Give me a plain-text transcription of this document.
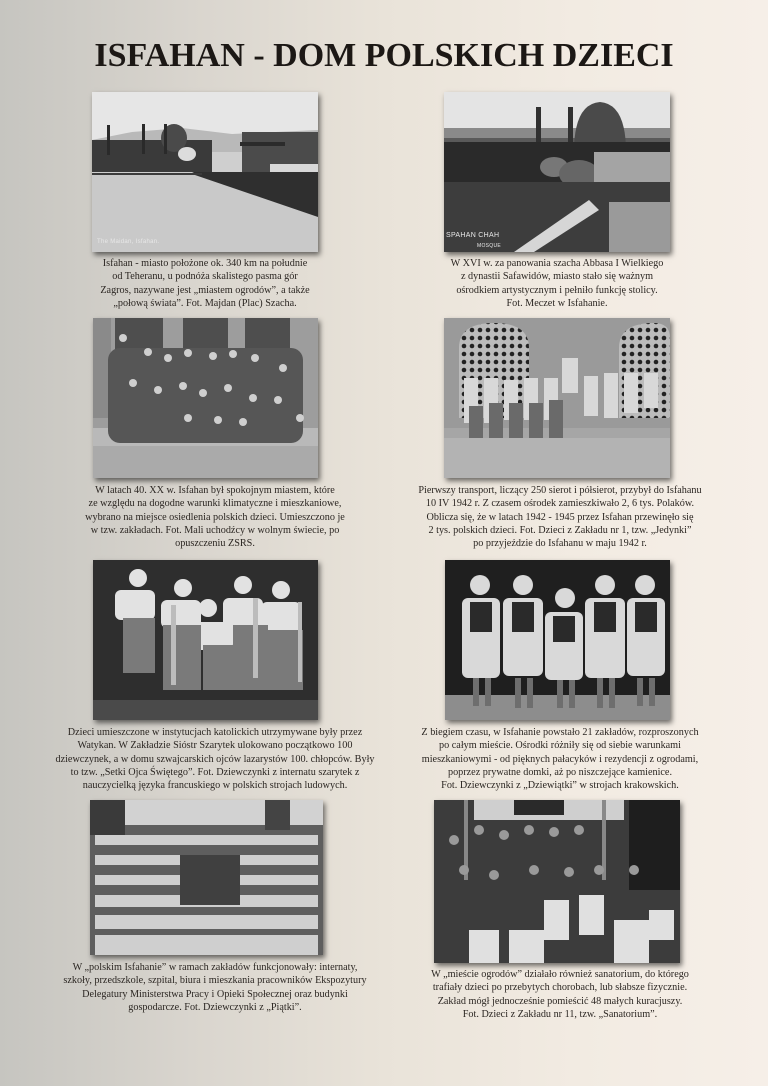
ISFAHAN - DOM POLSKICH DZIECI
The Maidan, Isfahan.
Isfahan - miasto położone ok. 340 km na południe
od Teheranu, u podnóża skalistego pasma gór
Zagros, nazywane jest „miastem ogrodów”, a także
„połową świata”. Fot. Majdan (Plac) Szacha.
SPAHAN CHAH
MOSQUE
W XVI w. za panowania szacha Abbasa I Wielkiego
z dynastii Safawidów, miasto stało się ważnym
ośrodkiem artystycznym i pełniło funkcję stolicy.
Fot. Meczet w Isfahanie.
W latach 40. XX w. Isfahan był spokojnym miastem, które
ze względu na dogodne warunki klimatyczne i mieszkaniowe,
wybrano na miejsce osiedlenia polskich dzieci. Umieszczono je
w tzw. zakładach. Fot. Mali uchodźcy w wolnym świecie, po
opuszczeniu ZSRS.
Pierwszy transport, liczący 250 sierot i półsierot, przybył do Isfahanu
10 IV 1942 r. Z czasem ośrodek zamieszkiwało 2, 6 tys. Polaków.
Oblicza się, że w latach 1942 - 1945 przez Isfahan przewinęło się
2 tys. polskich dzieci. Fot. Dzieci z Zakładu nr 1, tzw. „Jedynki”
po przyjeździe do Isfahanu w maju 1942 r.
Dzieci umieszczone w instytucjach katolickich utrzymywane były przez
Watykan. W Zakładzie Sióstr Szarytek ulokowano początkowo 100
dziewczynek, a w domu szwajcarskich ojców lazarystów 100. chłopców. Były
to tzw. „Setki Ojca Świętego”. Fot. Dziewczynki z internatu szarytek z
nauczycielką języka francuskiego w polskich strojach ludowych.
Z biegiem czasu, w Isfahanie powstało 21 zakładów, rozproszonych
po całym mieście. Ośrodki różniły się od siebie warunkami
mieszkaniowymi - od pięknych pałacyków i rezydencji z ogrodami,
poprzez prywatne domki, aż po niszczejące kamienice.
Fot. Dziewczynki z „Dziewiątki” w strojach krakowskich.
W „polskim Isfahanie” w ramach zakładów funkcjonowały: internaty,
szkoły, przedszkole, szpital, biura i mieszkania pracowników Ekspozytury
Delegatury Ministerstwa Pracy i Opieki Społecznej oraz budynki
gospodarcze. Fot. Dziewczynki z „Piątki”.
W „mieście ogrodów” działało również sanatorium, do którego
trafiały dzieci po przebytych chorobach, lub słabsze fizycznie.
Zakład mógł jednocześnie pomieścić 48 małych kuracjuszy.
Fot. Dzieci z Zakładu nr 11, tzw. „Sanatorium”.
